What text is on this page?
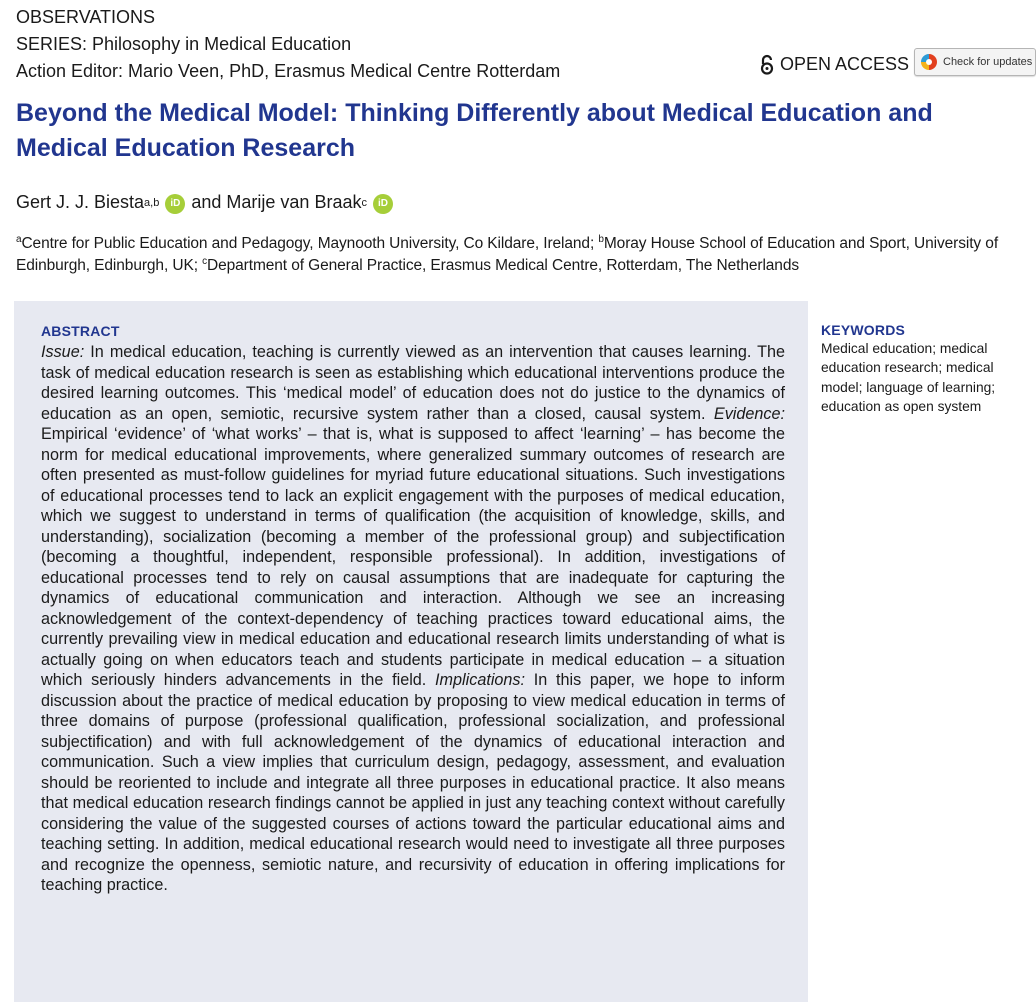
OBSERVATIONS
SERIES: Philosophy in Medical Education
Action Editor: Mario Veen, PhD, Erasmus Medical Centre Rotterdam	OPEN ACCESS	Check for updates
Beyond the Medical Model: Thinking Differently about Medical Education and Medical Education Research
Gert J. J. Biesta a,b	iD and
Marije van Braak c	iD
$^a$Centre for Public Education and Pedagogy, Maynooth University, Co Kildare, Ireland; $^b$Moray House School of Education and Sport, University of Edinburgh, Edinburgh, UK; $^c$Department of General Practice, Erasmus Medical Centre, Rotterdam, The Netherlands
ABSTRACT
Issue: In medical education, teaching is currently viewed as an intervention that causes learning. The task of medical education research is seen as establishing which educational interventions produce the desired learning outcomes. This ‘medical model’ of education does not do justice to the dynamics of education as an open, semiotic, recursive system rather than a closed, causal system. Evidence: Empirical ‘evidence’ of ‘what works’ – that is, what is supposed to affect ‘learning’ – has become the norm for medical educational improvements, where generalized summary outcomes of research are often presented as must-follow guidelines for myriad future educational situations. Such investigations of educational processes tend to lack an explicit engagement with the purposes of medical education, which we suggest to understand in terms of qualification (the acquisition of knowledge, skills, and understanding), socialization (becoming a member of the professional group) and subjectification (becoming a thoughtful, independent, responsible professional). In addition, investigations of educational processes tend to rely on causal assumptions that are inadequate for capturing the dynamics of educational communication and interaction. Although we see an increasing acknowledgement of the context-dependency of teaching practices toward educational aims, the currently prevailing view in medical education and educational research limits understanding of what is actually going on when educators teach and students participate in medical education – a situation which seriously hinders advancements in the field. Implications: In this paper, we hope to inform discussion about the practice of medical education by proposing to view medical education in terms of three domains of purpose (professional qualification, professional socialization, and professional subjectification) and with full acknowledgement of the dynamics of educational interaction and communication. Such a view implies that curriculum design, pedagogy, assessment, and evaluation should be reoriented to include and integrate all three purposes in educational practice. It also means that medical education research findings cannot be applied in just any teaching context without carefully considering the value of the suggested courses of actions toward the particular educational aims and teaching setting. In addition, medical educational research would need to investigate all three purposes and recognize the openness, semiotic nature, and recursivity of education in offering implications for teaching practice.
KEYWORDS
Medical education; medical education research; medical model; language of learning; education as open system
